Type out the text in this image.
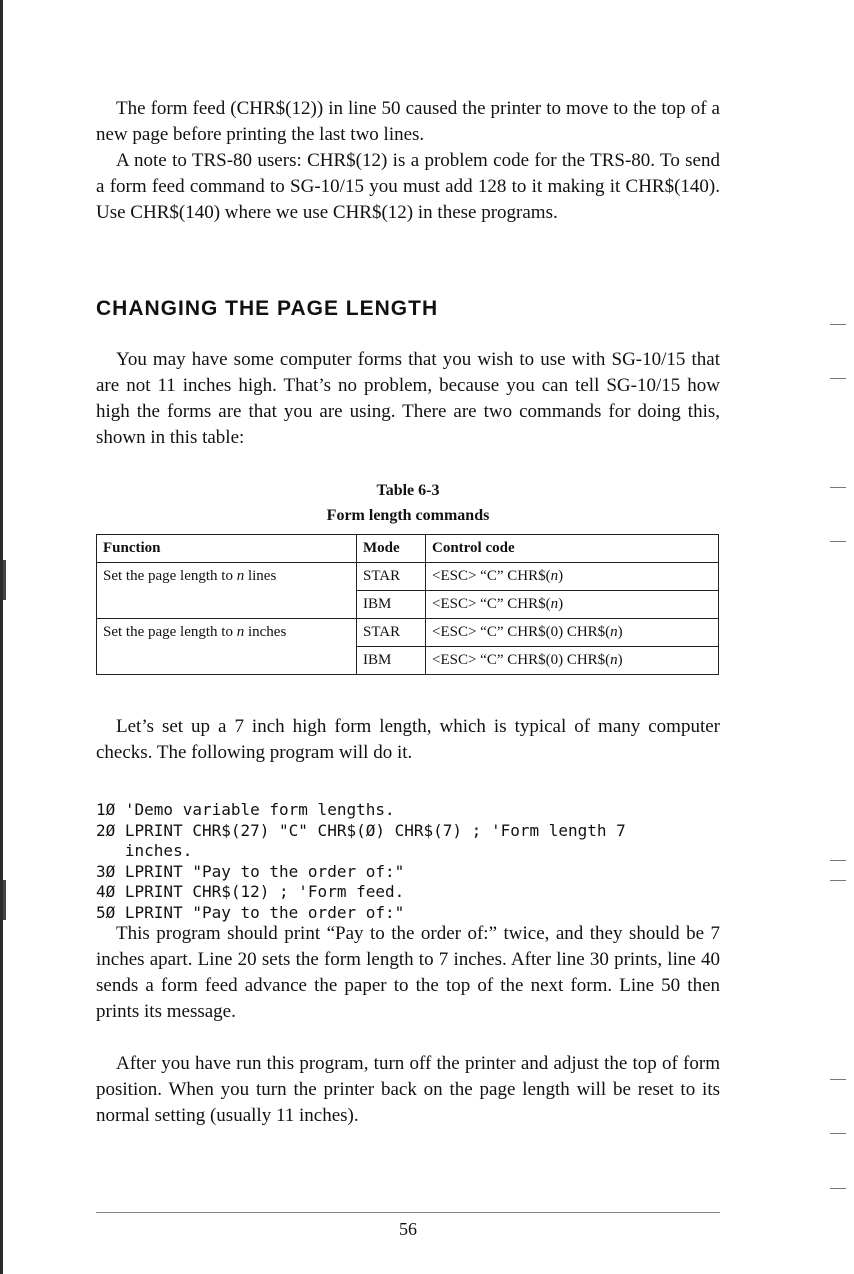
The form feed (CHR$(12)) in line 50 caused the printer to move to the top of a new page before printing the last two lines.

A note to TRS-80 users: CHR$(12) is a problem code for the TRS-80. To send a form feed command to SG-10/15 you must add 128 to it making it CHR$(140). Use CHR$(140) where we use CHR$(12) in these programs.

CHANGING THE PAGE LENGTH

You may have some computer forms that you wish to use with SG-10/15 that are not 11 inches high. That’s no problem, because you can tell SG-10/15 how high the forms are that you are using. There are two commands for doing this, shown in this table:

Table 6-3

Form length commands

Function	Mode	Control code
Set the page length to n lines	STAR	<ESC> “C” CHR$(n)
	IBM	<ESC> “C” CHR$(n)
Set the page length to n inches	STAR	<ESC> “C” CHR$(0) CHR$(n)
	IBM	<ESC> “C” CHR$(0) CHR$(n)

Let’s set up a 7 inch high form length, which is typical of many computer checks. The following program will do it.

1Ø 'Demo variable form lengths.
2Ø LPRINT CHR$(27) "C" CHR$(Ø) CHR$(7) ; 'Form length 7
inches.
3Ø LPRINT "Pay to the order of:"
4Ø LPRINT CHR$(12) ; 'Form feed.
5Ø LPRINT "Pay to the order of:"

This program should print “Pay to the order of:” twice, and they should be 7 inches apart. Line 20 sets the form length to 7 inches. After line 30 prints, line 40 sends a form feed advance the paper to the top of the next form. Line 50 then prints its message.

After you have run this program, turn off the printer and adjust the top of form position. When you turn the printer back on the page length will be reset to its normal setting (usually 11 inches).

56
